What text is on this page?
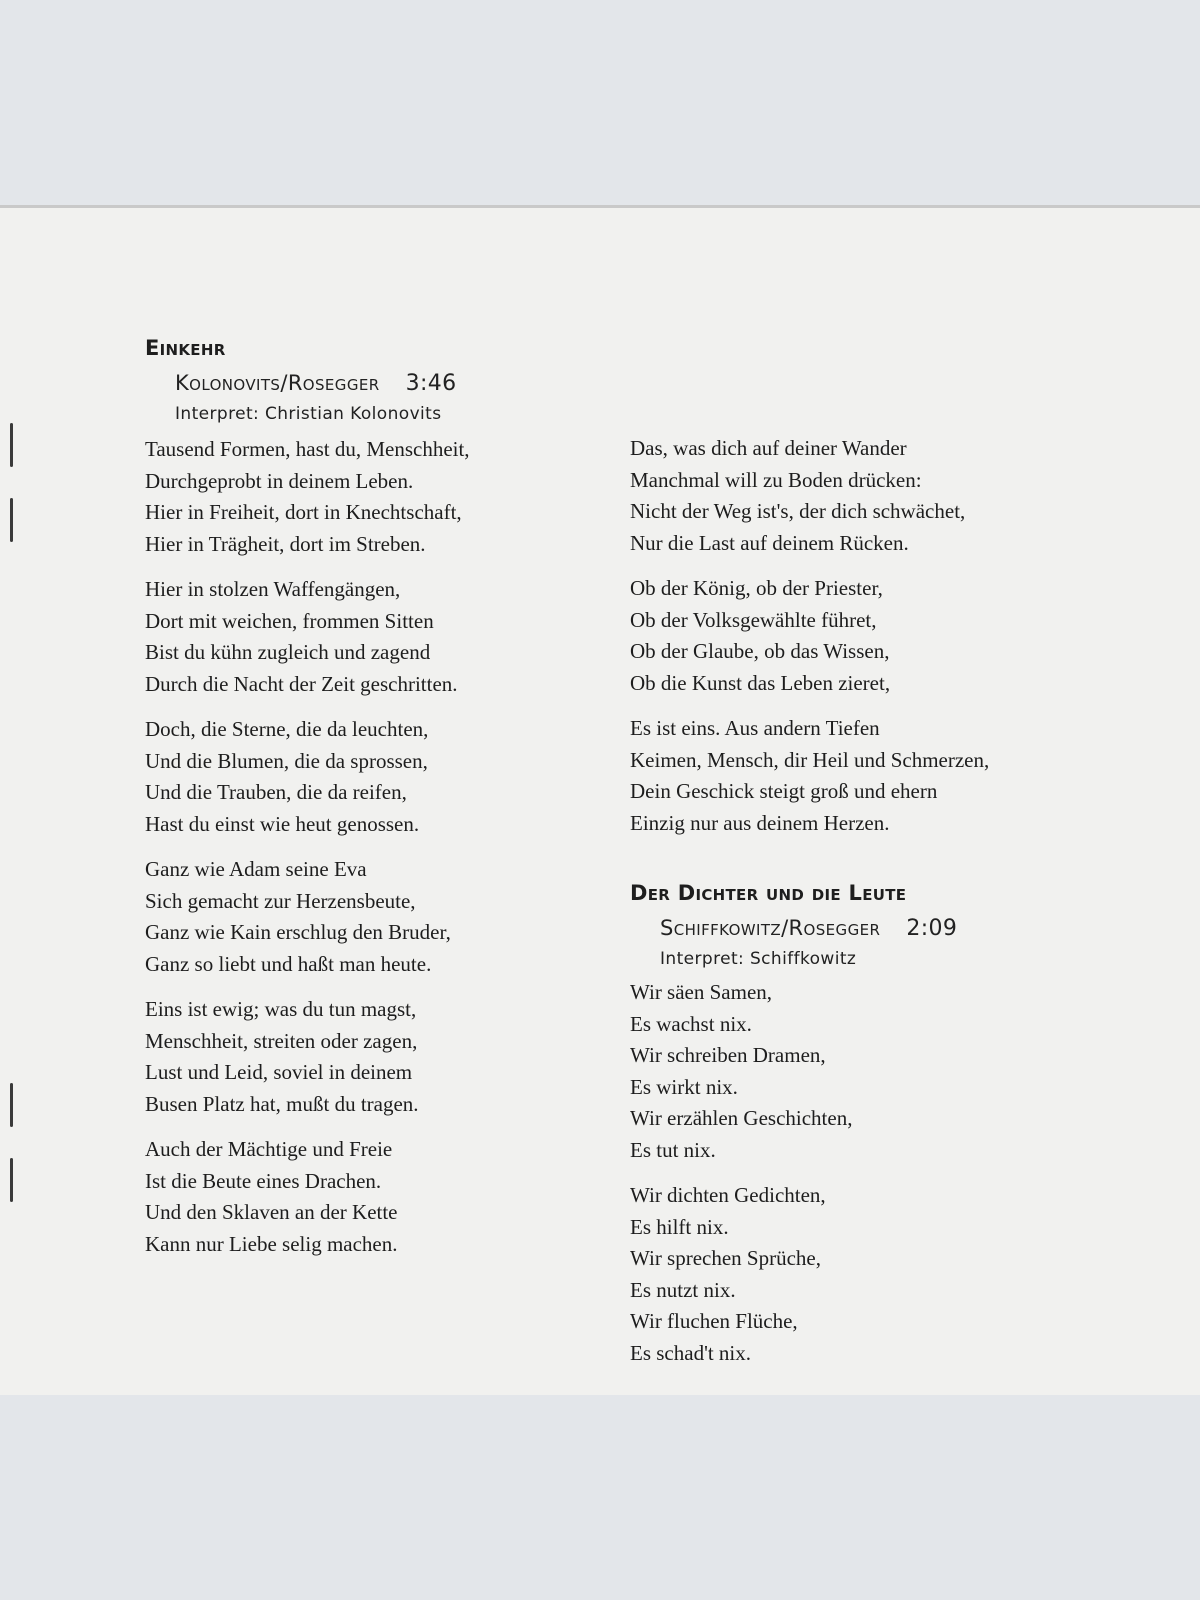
Einkehr
Kolonovits/Rosegger 3:46
Interpret: Christian Kolonovits
Tausend Formen, hast du, Menschheit,
Durchgeprobt in deinem Leben.
Hier in Freiheit, dort in Knechtschaft,
Hier in Trägheit, dort im Streben.
Hier in stolzen Waffengängen,
Dort mit weichen, frommen Sitten
Bist du kühn zugleich und zagend
Durch die Nacht der Zeit geschritten.
Doch, die Sterne, die da leuchten,
Und die Blumen, die da sprossen,
Und die Trauben, die da reifen,
Hast du einst wie heut genossen.
Ganz wie Adam seine Eva
Sich gemacht zur Herzensbeute,
Ganz wie Kain erschlug den Bruder,
Ganz so liebt und haßt man heute.
Eins ist ewig; was du tun magst,
Menschheit, streiten oder zagen,
Lust und Leid, soviel in deinem
Busen Platz hat, mußt du tragen.
Auch der Mächtige und Freie
Ist die Beute eines Drachen.
Und den Sklaven an der Kette
Kann nur Liebe selig machen.
Das, was dich auf deiner Wander
Manchmal will zu Boden drücken:
Nicht der Weg ist's, der dich schwächet,
Nur die Last auf deinem Rücken.
Ob der König, ob der Priester,
Ob der Volksgewählte führet,
Ob der Glaube, ob das Wissen,
Ob die Kunst das Leben zieret,
Es ist eins. Aus andern Tiefen
Keimen, Mensch, dir Heil und Schmerzen,
Dein Geschick steigt groß und ehern
Einzig nur aus deinem Herzen.
Der Dichter und die Leute
Schiffkowitz/Rosegger 2:09
Interpret: Schiffkowitz
Wir säen Samen,
Es wachst nix.
Wir schreiben Dramen,
Es wirkt nix.
Wir erzählen Geschichten,
Es tut nix.
Wir dichten Gedichten,
Es hilft nix.
Wir sprechen Sprüche,
Es nutzt nix.
Wir fluchen Flüche,
Es schad't nix.
